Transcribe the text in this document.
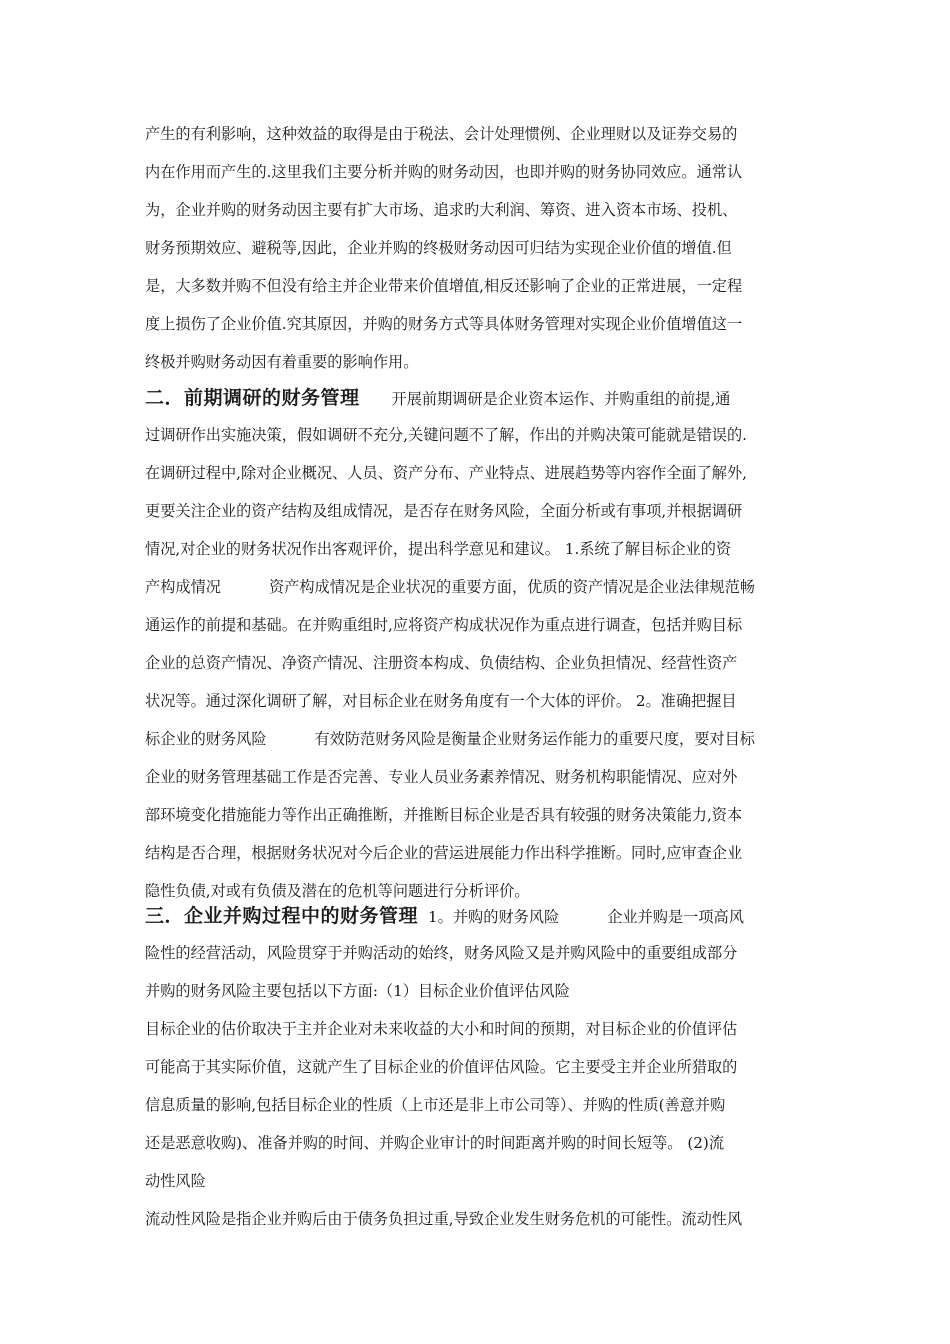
产生的有利影响，这种效益的取得是由于税法、会计处理惯例、企业理财以及证券交易的
内在作用而产生的.这里我们主要分析并购的财务动因，也即并购的财务协同效应。通常认
为，企业并购的财务动因主要有扩大市场、追求旳大利润、筹资、进入资本市场、投机、
财务预期效应、避税等,因此，企业并购的终极财务动因可归结为实现企业价值的增值.但
是，大多数并购不但没有给主并企业带来价值增值,相反还影响了企业的正常进展，一定程
度上损伤了企业价值.究其原因，并购的财务方式等具体财务管理对实现企业价值增值这一
终极并购财务动因有着重要的影响作用。
二．前期调研的财务管理 开展前期调研是企业资本运作、并购重组的前提,通
过调研作出实施决策，假如调研不充分,关键问题不了解，作出的并购决策可能就是错误的.
在调研过程中,除对企业概况、人员、资产分布、产业特点、进展趋势等内容作全面了解外,
更要关注企业的资产结构及组成情况，是否存在财务风险，全面分析或有事项,并根据调研
情况,对企业的财务状况作出客观评价，提出科学意见和建议。 1.系统了解目标企业的资
产构成情况	资产构成情况是企业状况的重要方面，优质的资产情况是企业法律规范畅
通运作的前提和基础。在并购重组时,应将资产构成状况作为重点进行调查，包括并购目标
企业的总资产情况、净资产情况、注册资本构成、负债结构、企业负担情况、经营性资产
状况等。通过深化调研了解，对目标企业在财务角度有一个大体的评价。 2。准确把握目
标企业的财务风险	有效防范财务风险是衡量企业财务运作能力的重要尺度，要对目标
企业的财务管理基础工作是否完善、专业人员业务素养情况、财务机构职能情况、应对外
部环境变化措施能力等作出正确推断，并推断目标企业是否具有较强的财务决策能力,资本
结构是否合理，根据财务状况对今后企业的营运进展能力作出科学推断。同时,应审查企业
隐性负债,对或有负债及潜在的危机等问题进行分析评价。
三．企业并购过程中的财务管理 1。并购的财务风险	企业并购是一项高风
险性的经营活动，风险贯穿于并购活动的始终，财务风险又是并购风险中的重要组成部分
并购的财务风险主要包括以下方面:（1）目标企业价值评估风险
目标企业的估价取决于主并企业对未来收益的大小和时间的预期，对目标企业的价值评估
可能高于其实际价值，这就产生了目标企业的价值评估风险。它主要受主并企业所猎取的
信息质量的影响,包括目标企业的性质（上市还是非上市公司等）、并购的性质(善意并购
还是恶意收购)、准备并购的时间、并购企业审计的时间距离并购的时间长短等。 (2)流
动性风险
流动性风险是指企业并购后由于债务负担过重,导致企业发生财务危机的可能性。流动性风
